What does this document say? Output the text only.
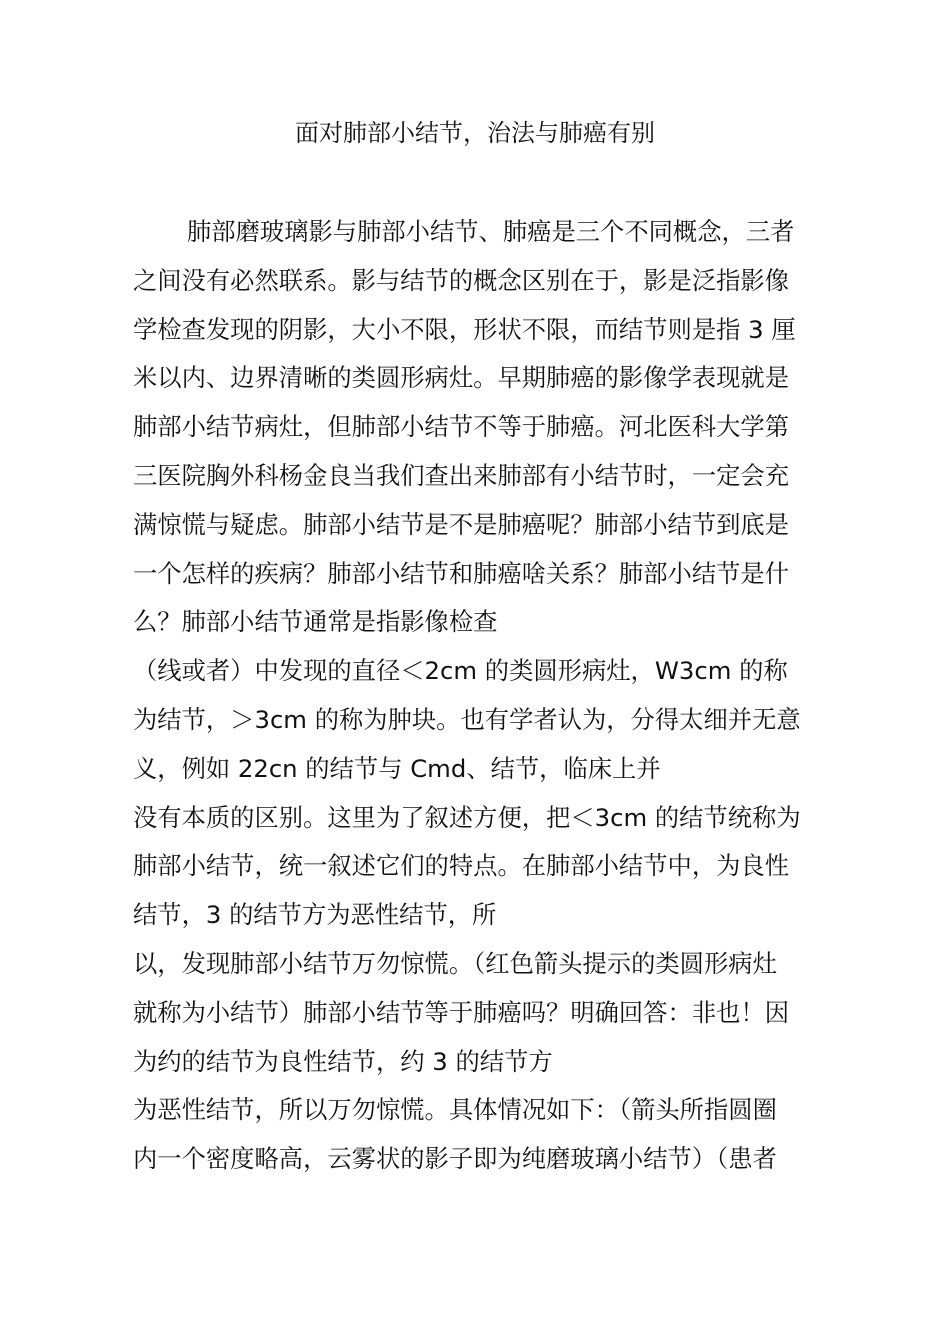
面对肺部小结节，治法与肺癌有别
肺部磨玻璃影与肺部小结节、肺癌是三个不同概念，三者
之间没有必然联系。影与结节的概念区别在于，影是泛指影像
学检查发现的阴影，大小不限，形状不限，而结节则是指 3 厘
米以内、边界清晰的类圆形病灶。早期肺癌的影像学表现就是
肺部小结节病灶，但肺部小结节不等于肺癌。河北医科大学第
三医院胸外科杨金良当我们查出来肺部有小结节时，一定会充
满惊慌与疑虑。肺部小结节是不是肺癌呢？肺部小结节到底是
一个怎样的疾病？肺部小结节和肺癌啥关系？肺部小结节是什
么？肺部小结节通常是指影像检查
（线或者）中发现的直径＜2cm 的类圆形病灶，W3cm 的称
为结节，＞3cm 的称为肿块。也有学者认为，分得太细并无意
义，例如 22cn 的结节与 Cmd、结节，临床上并
没有本质的区别。这里为了叙述方便，把＜3cm 的结节统称为
肺部小结节，统一叙述它们的特点。在肺部小结节中，为良性
结节，3 的结节方为恶性结节，所
以，发现肺部小结节万勿惊慌。（红色箭头提示的类圆形病灶
就称为小结节）肺部小结节等于肺癌吗？明确回答：非也！因
为约的结节为良性结节，约 3 的结节方
为恶性结节，所以万勿惊慌。具体情况如下：（箭头所指圆圈
内一个密度略高，云雾状的影子即为纯磨玻璃小结节）（患者
